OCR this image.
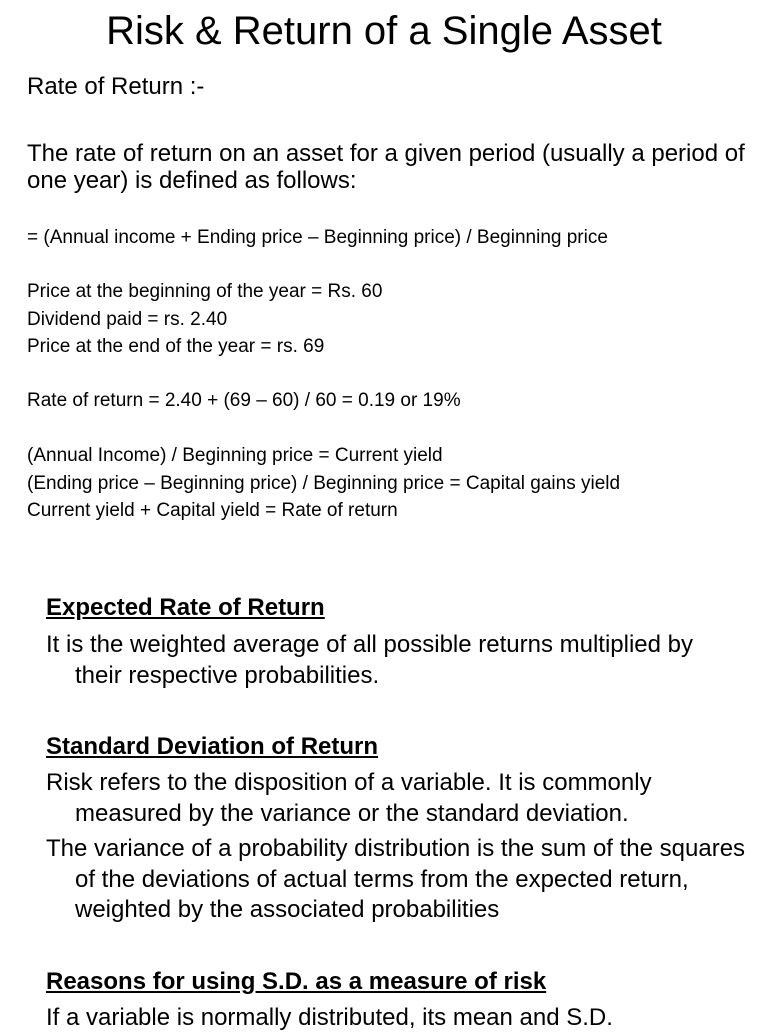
Risk & Return of a Single Asset

Rate of Return :-

The rate of return on an asset for a given period (usually a period of one year) is defined as follows:

= (Annual income + Ending price – Beginning price) / Beginning price

Price at the beginning of the year = Rs. 60
Dividend paid = rs. 2.40
Price at the end of the year = rs. 69

Rate of return = 2.40 + (69 – 60) / 60 = 0.19 or 19%

(Annual Income) / Beginning price = Current yield
(Ending price – Beginning price) / Beginning price = Capital gains yield
Current yield + Capital yield = Rate of return

Expected Rate of Return

It is the weighted average of all possible returns multiplied by their respective probabilities.

Standard Deviation of Return

Risk refers to the disposition of a variable. It is commonly measured by the variance or the standard deviation.

The variance of a probability distribution is the sum of the squares of the deviations of actual terms from the expected return, weighted by the associated probabilities

Reasons for using S.D. as a measure of risk

If a variable is normally distributed, its mean and S.D.
